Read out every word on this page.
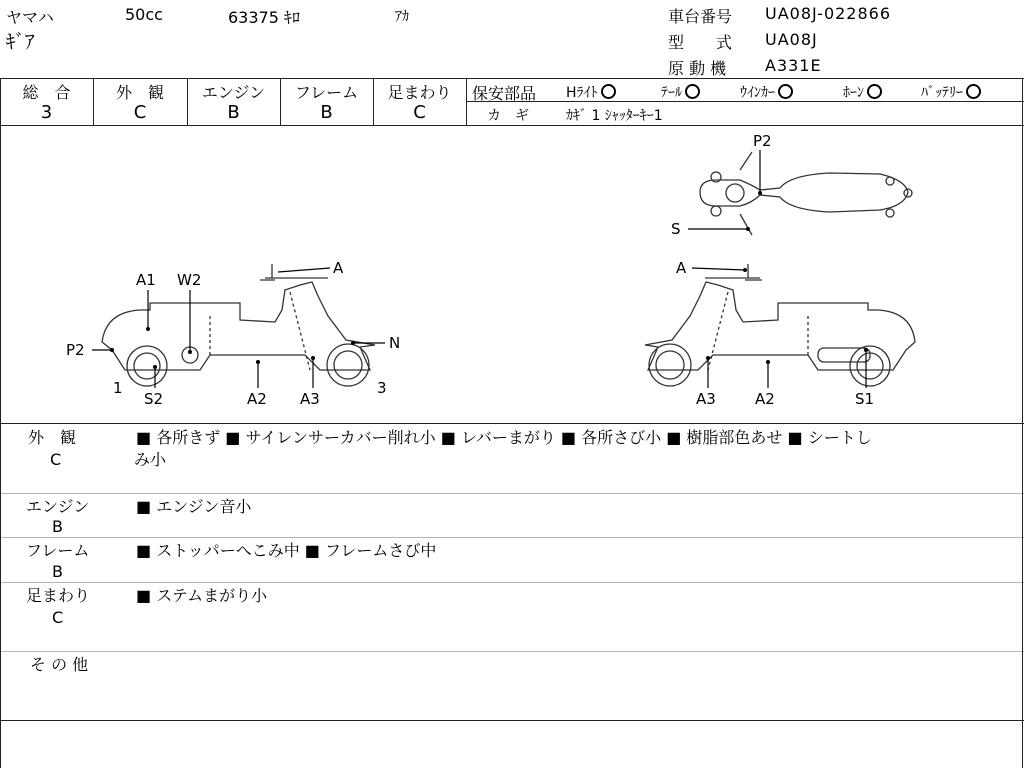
ヤマハ	50cc	63375 ｷﾛ	ｱｶ
ｷﾞｱ
車台番号 UA08J-022866
型　　式 UA08J
原 動 機 A331E
総　合	外　観	エンジン	フレーム	足まわり
3	C	B	B	C
保安部品 Hﾗｲﾄ	ﾃｰﾙ	ｳｲﾝｶｰ	ﾎｰﾝ	ﾊﾞｯﾃﾘｰ
カ　ギ	ｶｷﾞ 1 ｼｬｯﾀｰｷｰ1
A1 W2
A
P2	N
1
S2	A2 A3
3
P2
S
A
A3	A2	S1
外　観
C
■ 各所きず ■ サイレンサーカバー削れ小 ■ レバーまがり ■ 各所さび小 ■ 樹脂部色あせ ■ シートし
み小
エンジン
B
■ エンジン音小
フレーム
B
■ ストッパーへこみ中 ■ フレームさび中
足まわり
C
■ ステムまがり小
そ の 他
